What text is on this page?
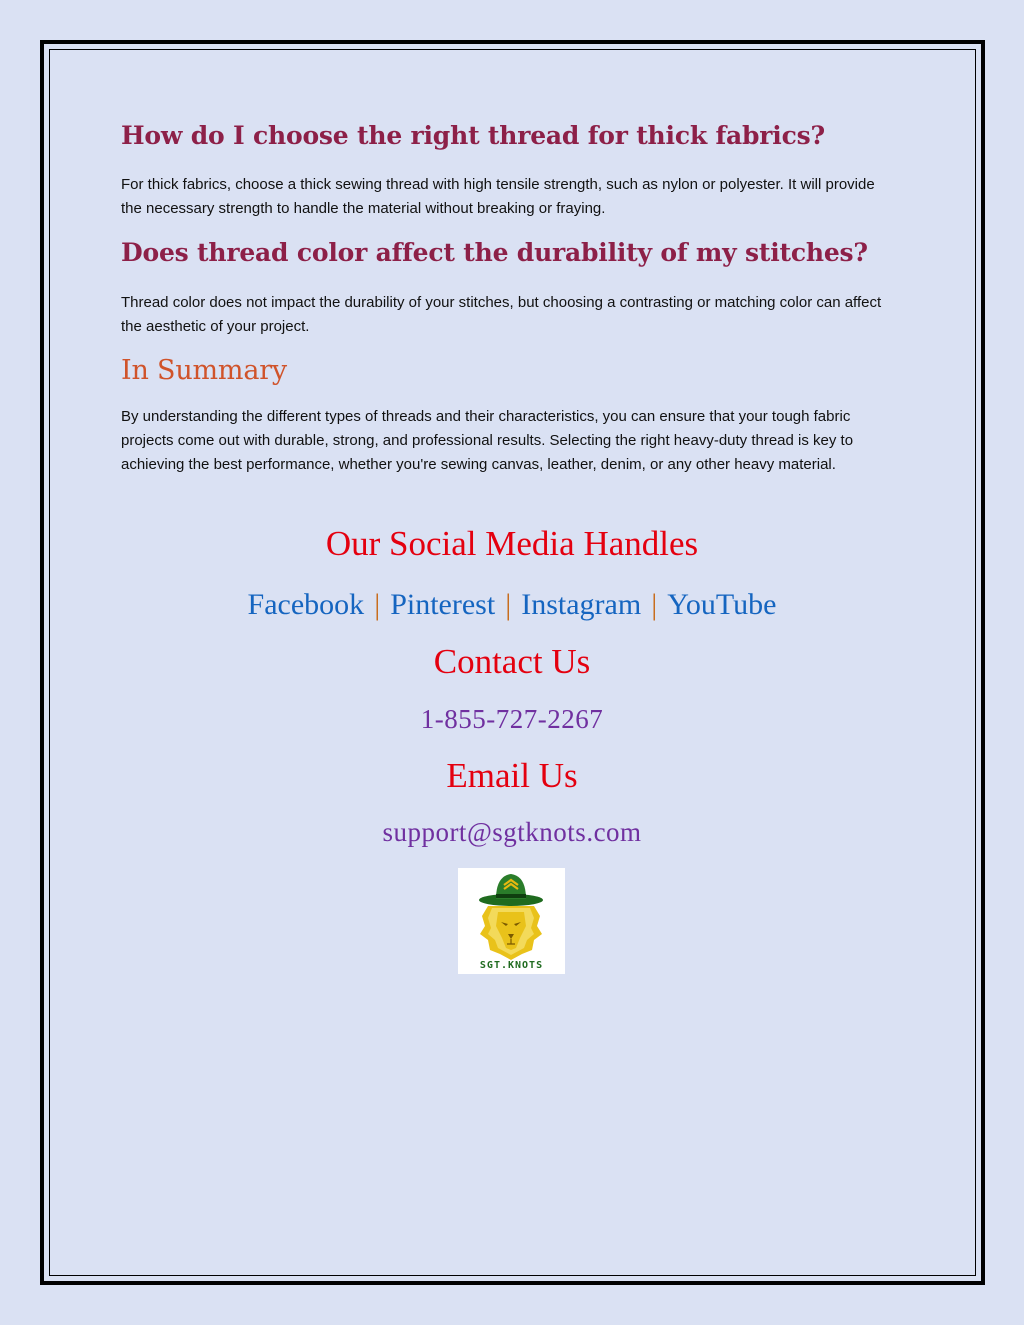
How do I choose the right thread for thick fabrics?

For thick fabrics, choose a thick sewing thread with high tensile strength, such as nylon or polyester. It will provide the necessary strength to handle the material without breaking or fraying.

Does thread color affect the durability of my stitches?

Thread color does not impact the durability of your stitches, but choosing a contrasting or matching color can affect the aesthetic of your project.

In Summary

By understanding the different types of threads and their characteristics, you can ensure that your tough fabric projects come out with durable, strong, and professional results. Selecting the right heavy-duty thread is key to achieving the best performance, whether you're sewing canvas, leather, denim, or any other heavy material.

Our Social Media Handles
Facebook | Pinterest | Instagram | YouTube
Contact Us
1-855-727-2267
Email Us
support@sgtknots.com
SGT.KNOTS
